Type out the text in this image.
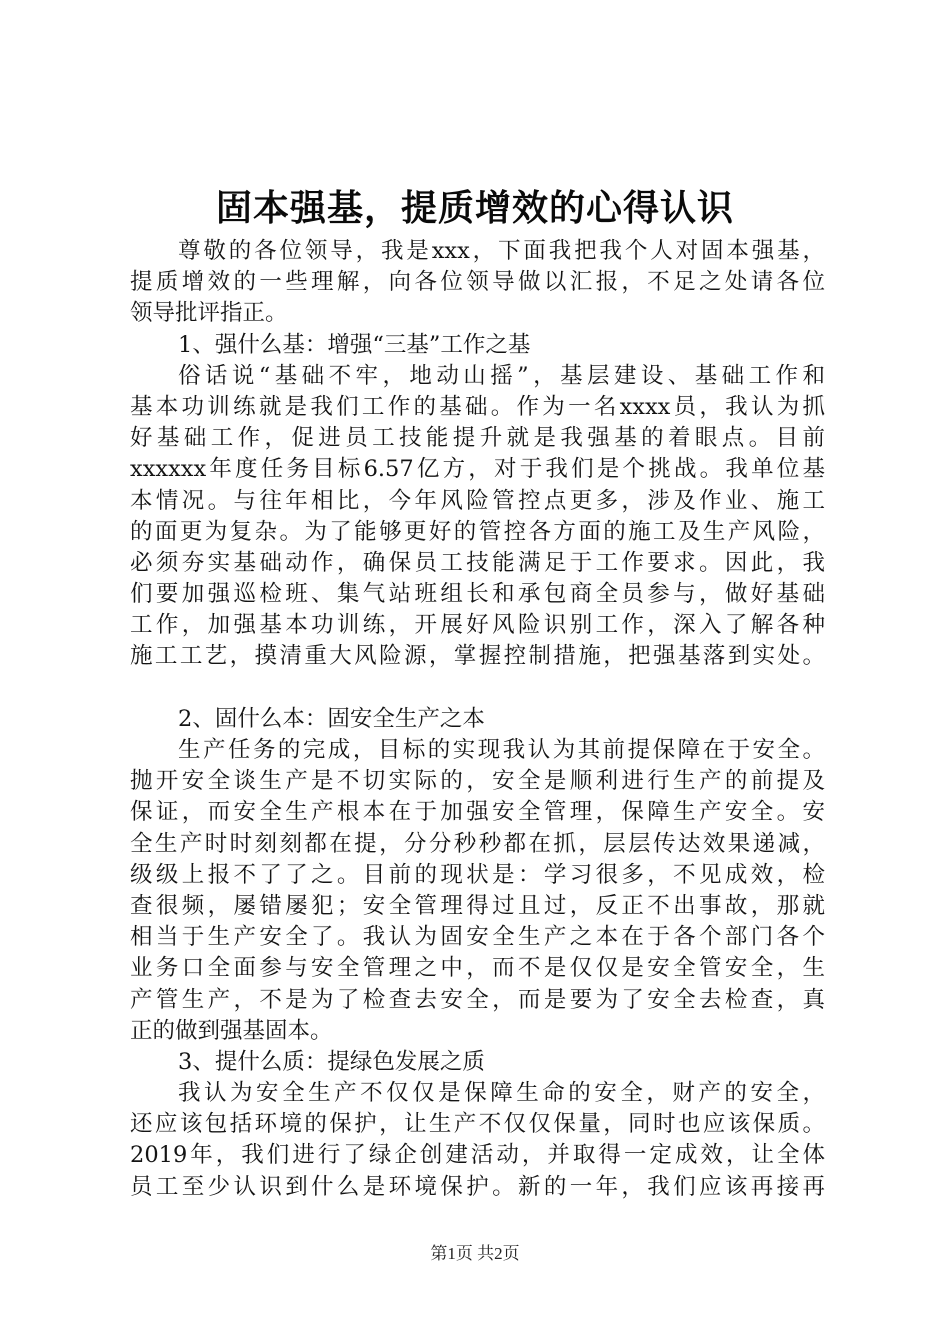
固本强基，提质增效的心得认识
尊敬的各位领导，我是xxx，下面我把我个人对固本强基，
提质增效的一些理解，向各位领导做以汇报，不足之处请各位
领导批评指正。
1、强什么基：增强“三基”工作之基
俗话说“基础不牢，地动山摇”，基层建设、基础工作和
基本功训练就是我们工作的基础。作为一名xxxx员，我认为抓
好基础工作，促进员工技能提升就是我强基的着眼点。目前
xxxxxx年度任务目标6.57亿方，对于我们是个挑战。我单位基
本情况。与往年相比，今年风险管控点更多，涉及作业、施工
的面更为复杂。为了能够更好的管控各方面的施工及生产风险，
必须夯实基础动作，确保员工技能满足于工作要求。因此，我
们要加强巡检班、集气站班组长和承包商全员参与，做好基础
工作，加强基本功训练，开展好风险识别工作，深入了解各种
施工工艺，摸清重大风险源，掌握控制措施，把强基落到实处。
2、固什么本：固安全生产之本
生产任务的完成，目标的实现我认为其前提保障在于安全。
抛开安全谈生产是不切实际的，安全是顺利进行生产的前提及
保证，而安全生产根本在于加强安全管理，保障生产安全。安
全生产时时刻刻都在提，分分秒秒都在抓，层层传达效果递减，
级级上报不了了之。目前的现状是：学习很多，不见成效，检
查很频，屡错屡犯；安全管理得过且过，反正不出事故，那就
相当于生产安全了。我认为固安全生产之本在于各个部门各个
业务口全面参与安全管理之中，而不是仅仅是安全管安全，生
产管生产，不是为了检查去安全，而是要为了安全去检查，真
正的做到强基固本。
3、提什么质：提绿色发展之质
我认为安全生产不仅仅是保障生命的安全，财产的安全，
还应该包括环境的保护，让生产不仅仅保量，同时也应该保质。
2019年，我们进行了绿企创建活动，并取得一定成效，让全体
员工至少认识到什么是环境保护。新的一年，我们应该再接再
第1页 共2页
